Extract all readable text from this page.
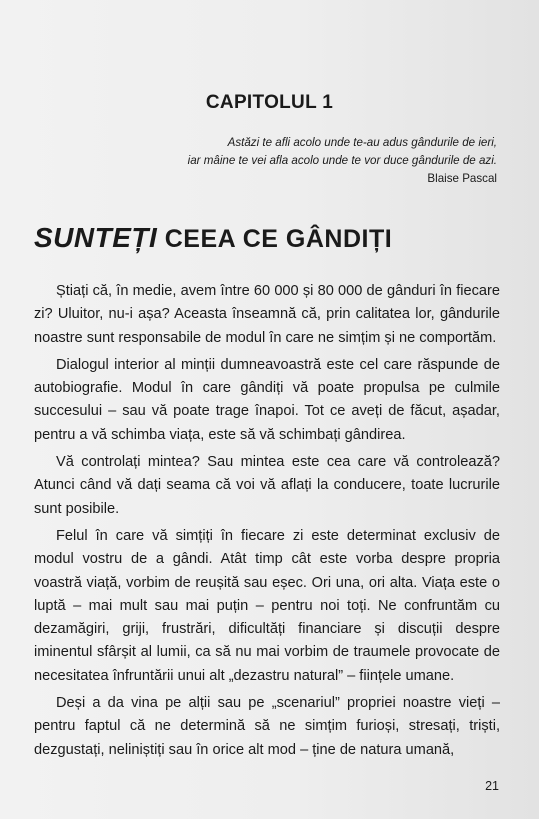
CAPITOLUL 1
Astăzi te afli acolo unde te-au adus gândurile de ieri,
iar mâine te vei afla acolo unde te vor duce gândurile de azi.
Blaise Pascal
SUNTEȚI CEEA CE GÂNDIȚI

Știați că, în medie, avem între 60 000 și 80 000 de gânduri în fiecare zi? Uluitor, nu-i așa? Aceasta înseamnă că, prin calitatea lor, gândurile noastre sunt responsabile de modul în care ne simțim și ne comportăm.

Dialogul interior al minții dumneavoastră este cel care răspunde de autobiografie. Modul în care gândiți vă poate propulsa pe culmile succesului – sau vă poate trage înapoi. Tot ce aveți de făcut, așadar, pentru a vă schimba viața, este să vă schimbați gândirea.

Vă controlați mintea? Sau mintea este cea care vă controlează? Atunci când vă dați seama că voi vă aflați la conducere, toate lucrurile sunt posibile.

Felul în care vă simțiți în fiecare zi este determinat exclusiv de modul vostru de a gândi. Atât timp cât este vorba despre propria voastră viață, vorbim de reușită sau eșec. Ori una, ori alta. Viața este o luptă – mai mult sau mai puțin – pentru noi toți. Ne confruntăm cu dezamăgiri, griji, frustrări, dificultăți financiare și discuții despre iminentul sfârșit al lumii, ca să nu mai vorbim de traumele provocate de necesitatea înfruntării unui alt „dezastru natural” – ființele umane.

Deși a da vina pe alții sau pe „scenariul” propriei noastre vieți – pentru faptul că ne determină să ne simțim furioși, stresați, triști, dezgustați, neliniștiți sau în orice alt mod – ține de natura umană,

21
